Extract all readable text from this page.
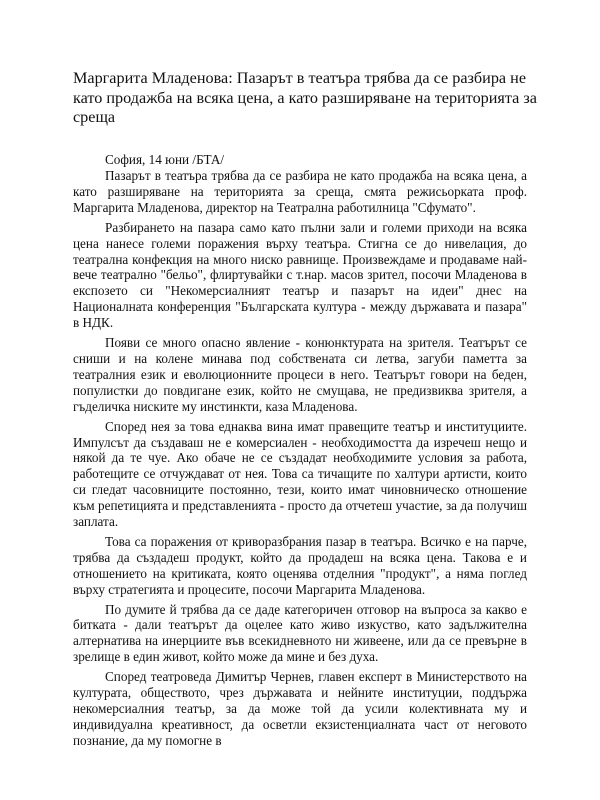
Маргарита Младенова: Пазарът в театъра трябва да се разбира не като продажба на всяка цена, а като разширяване на територията за среща

София, 14 юни /БТА/

Пазарът в театъра трябва да се разбира не като продажба на всяка цена, а като разширяване на територията за среща, смята режисьорката проф. Маргарита Младенова, директор на Театрална работилница "Сфумато".

Разбирането на пазара само като пълни зали и големи приходи на всяка цена нанесе големи поражения върху театъра. Стигна се до нивелация, до театрална конфекция на много ниско равнище. Произвеждаме и продаваме най-вече театрално "бельо", флиртувайки с т.нар. масов зрител, посочи Младенова в експозето си "Некомерсиалният театър и пазарът на идеи" днес на Националната конференция "Българската култура - между държавата и пазара" в НДК.

Появи се много опасно явление - конюнктурата на зрителя. Театърът се сниши и на колене минава под собствената си летва, загуби паметта за театралния език и еволюционните процеси в него. Театърът говори на беден, популистки до повдигане език, който не смущава, не предизвиква зрителя, а гъделичка ниските му инстинкти, каза Младенова.

Според нея за това еднаква вина имат правещите театър и институциите. Импулсът да създаваш не е комерсиален - необходимостта да изречеш нещо и някой да те чуе. Ако обаче не се създадат необходимите условия за работа, работещите се отчуждават от нея. Това са тичащите по халтури артисти, които си гледат часовниците постоянно, тези, които имат чиновническо отношение към репетицията и представленията - просто да отчетеш участие, за да получиш заплата.

Това са поражения от криворазбрания пазар в театъра. Всичко е на парче, трябва да създадеш продукт, който да продадеш на всяка цена. Такова е и отношението на критиката, която оценява отделния "продукт", а няма поглед върху стратегията и процесите, посочи Маргарита Младенова.

По думите й трябва да се даде категоричен отговор на въпроса за какво е битката - дали театърът да оцелее като живо изкуство, като задължителна алтернатива на инерциите във всекидневното ни живеене, или да се превърне в зрелище в един живот, който може да мине и без духа.

Според театроведа Димитър Чернев, главен експерт в Министерството на културата, обществото, чрез държавата и нейните институции, поддържа некомерсиалния театър, за да може той да усили колективната му и индивидуална креативност, да осветли екзистенциалната част от неговото познание, да му помогне в
